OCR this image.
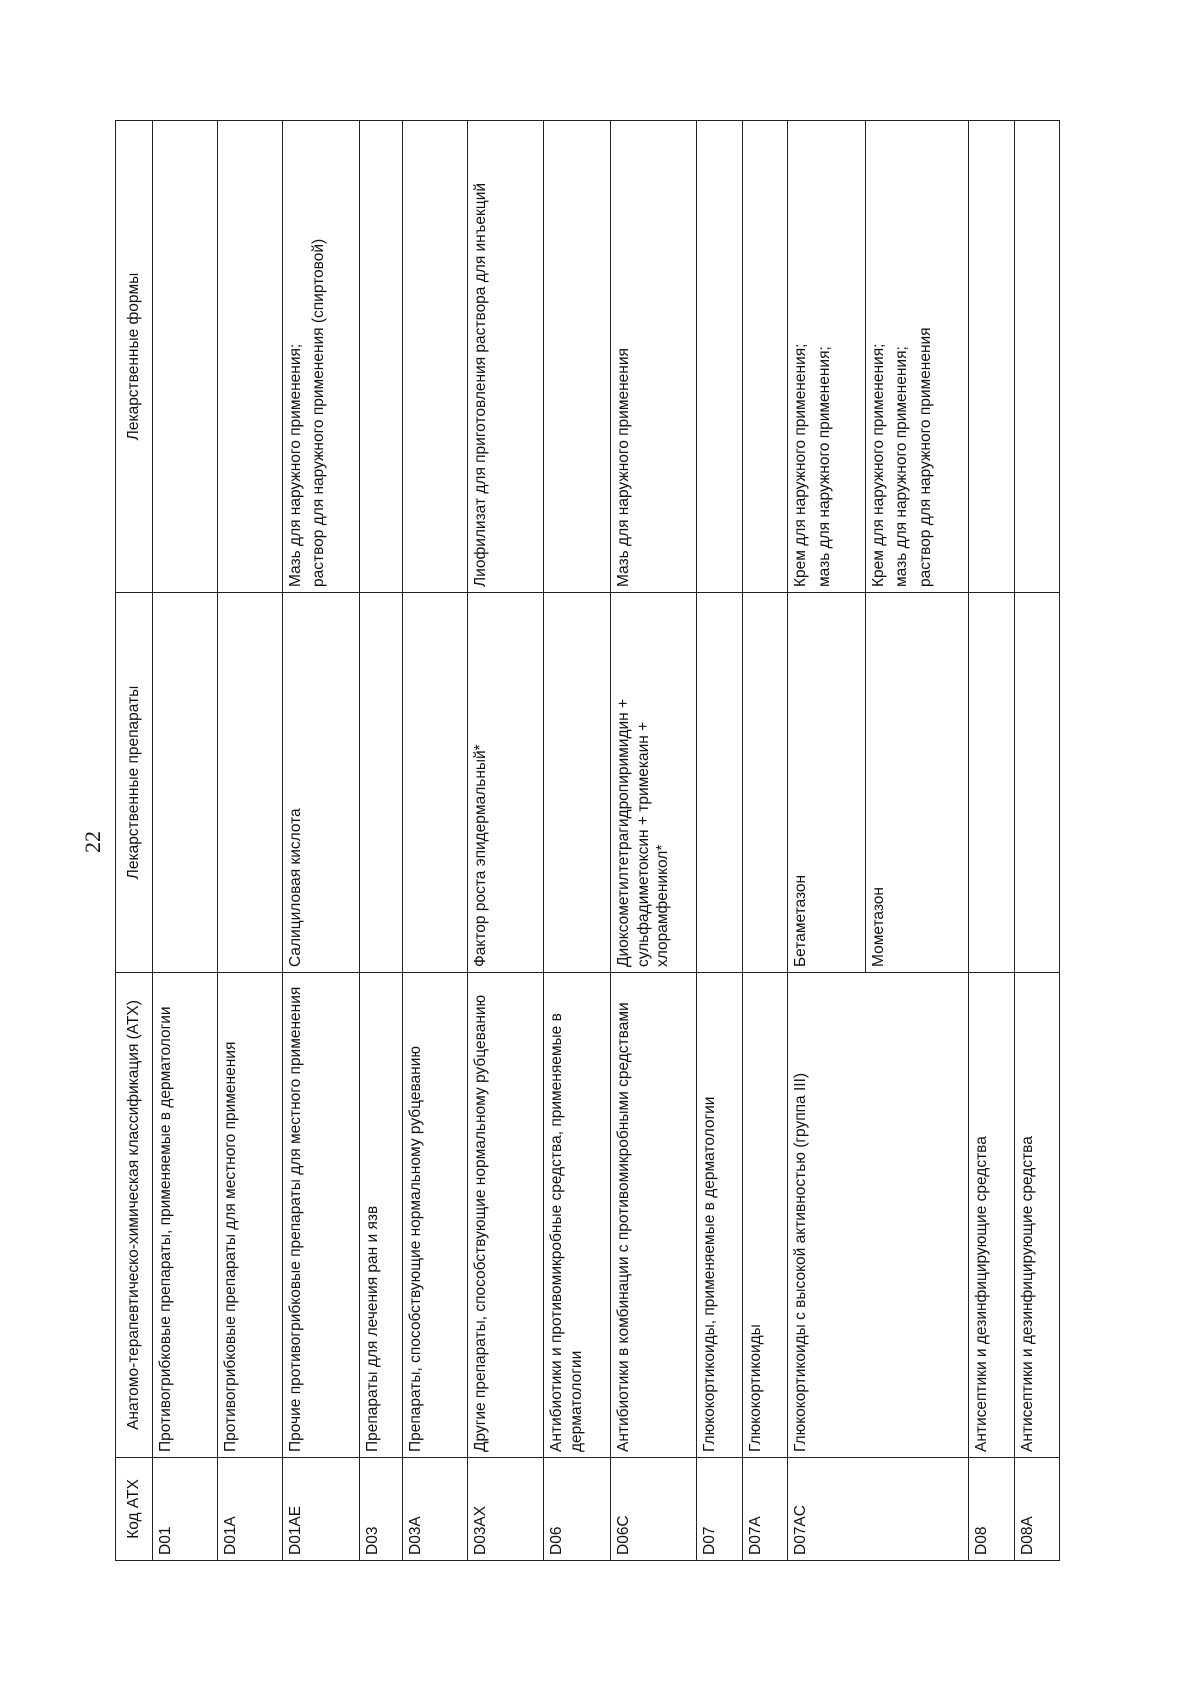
22
Код АТХ	Анатомо-терапевтическо-химическая классификация (АТХ)	Лекарственные препараты	Лекарственные формы
D01	Противогрибковые препараты, применяемые в дерматологии		
D01A	Противогрибковые препараты для местного применения		
D01AE	Прочие противогрибковые препараты для местного применения	Салициловая кислота	Мазь для наружного применения; раствор для наружного применения (спиртовой)

D03	Препараты для лечения ран и язв		
D03A	Препараты, способствующие нормальному рубцеванию		
D03AX	Другие препараты, способствующие нормальному рубцеванию	Фактор роста эпидермальный*	Лиофилизат для приготовления раствора для инъекций

D06	Антибиотики и противомикробные средства, применяемые в дерматологии		
D06C	Антибиотики в комбинации с противомикробными средствами	Диоксометилтетрагидропиримидин + сульфадиметоксин + тримекаин + хлорамфеникол*	Мазь для наружного применения

D07	Глюкокортикоиды, применяемые в дерматологии		
D07A	Глюкокортикоиды		
D07AC	Глюкокортикоиды с высокой активностью (группа III)	Бетаметазон	Крем для наружного применения; мазь для наружного применения;

		Мометазон	Крем для наружного применения; мазь для наружного применения; раствор для наружного применения

D08	Антисептики и дезинфицирующие средства		
D08A	Антисептики и дезинфицирующие средства		
